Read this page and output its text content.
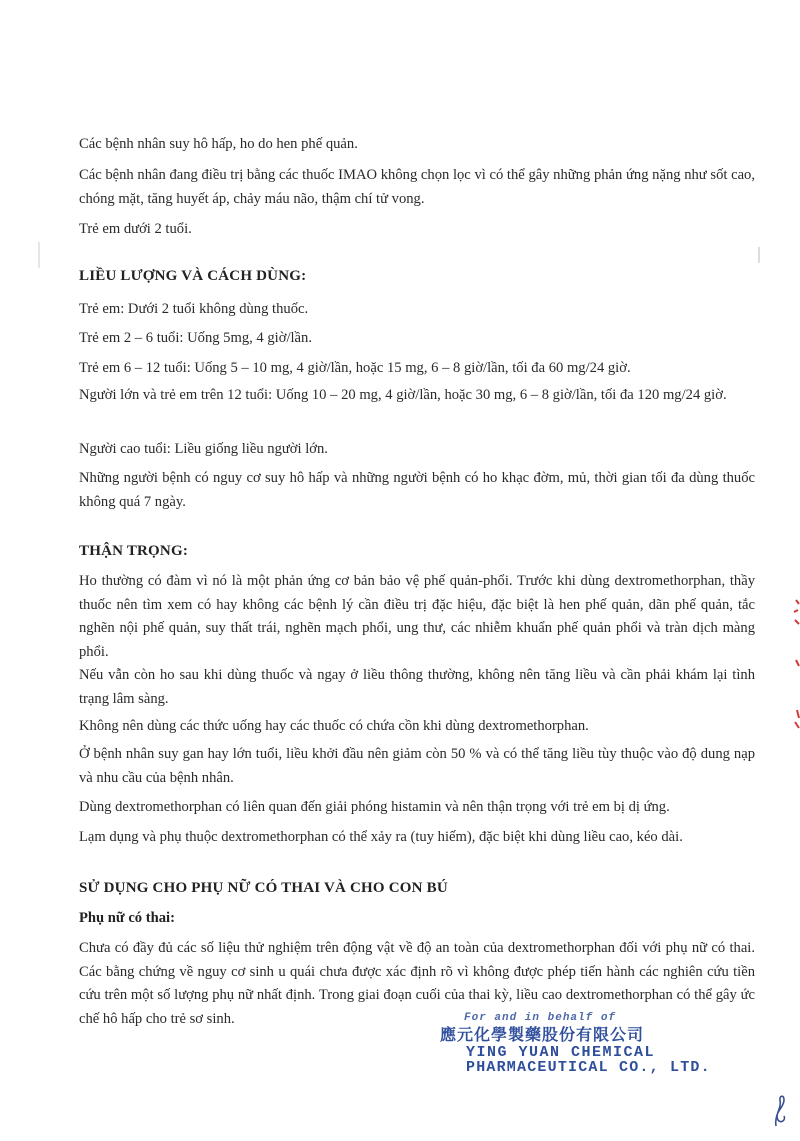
Các bệnh nhân suy hô hấp, ho do hen phế quản.

Các bệnh nhân đang điều trị bằng các thuốc IMAO không chọn lọc vì có thể gây những phản ứng nặng như sốt cao, chóng mặt, tăng huyết áp, chảy máu não, thậm chí tử vong.

Trẻ em dưới 2 tuổi.

LIỀU LƯỢNG VÀ CÁCH DÙNG:

Trẻ em: Dưới 2 tuổi không dùng thuốc.

Trẻ em 2 – 6 tuổi: Uống 5mg, 4 giờ/lần.

Trẻ em 6 – 12 tuổi: Uống 5 – 10 mg, 4 giờ/lần, hoặc 15 mg, 6 – 8 giờ/lần, tối đa 60 mg/24 giờ.

Người lớn và trẻ em trên 12 tuổi: Uống 10 – 20 mg, 4 giờ/lần, hoặc 30 mg, 6 – 8 giờ/lần, tối đa 120 mg/24 giờ.

Người cao tuổi: Liều giống liều người lớn.

Những người bệnh có nguy cơ suy hô hấp và những người bệnh có ho khạc đờm, mủ, thời gian tối đa dùng thuốc không quá 7 ngày.

THẬN TRỌNG:

Ho thường có đàm vì nó là một phản ứng cơ bản bảo vệ phế quản-phổi. Trước khi dùng dextromethorphan, thầy thuốc nên tìm xem có hay không các bệnh lý cần điều trị đặc hiệu, đặc biệt là hen phế quản, dãn phế quản, tắc nghẽn nội phế quản, suy thất trái, nghẽn mạch phổi, ung thư, các nhiễm khuẩn phế quản phổi và tràn dịch màng phổi.

Nếu vẫn còn ho sau khi dùng thuốc và ngay ở liều thông thường, không nên tăng liều và cần phải khám lại tình trạng lâm sàng.

Không nên dùng các thức uống hay các thuốc có chứa cồn khi dùng dextromethorphan.

Ở bệnh nhân suy gan hay lớn tuổi, liều khởi đầu nên giảm còn 50 % và có thể tăng liều tùy thuộc vào độ dung nạp và nhu cầu của bệnh nhân.

Dùng dextromethorphan có liên quan đến giải phóng histamin và nên thận trọng với trẻ em bị dị ứng.

Lạm dụng và phụ thuộc dextromethorphan có thể xảy ra (tuy hiếm), đặc biệt khi dùng liều cao, kéo dài.

SỬ DỤNG CHO PHỤ NỮ CÓ THAI VÀ CHO CON BÚ
Phụ nữ có thai:

Chưa có đầy đủ các số liệu thử nghiệm trên động vật về độ an toàn của dextromethorphan đối với phụ nữ có thai. Các bằng chứng về nguy cơ sinh u quái chưa được xác định rõ vì không được phép tiến hành các nghiên cứu tiền cứu trên một số lượng phụ nữ nhất định. Trong giai đoạn cuối của thai kỳ, liều cao dextromethorphan có thể gây ức chế hô hấp cho trẻ sơ sinh.	For and in behalf of
應元化學製藥股份有限公司
YING YUAN CHEMICAL
PHARMACEUTICAL CO., LTD.
